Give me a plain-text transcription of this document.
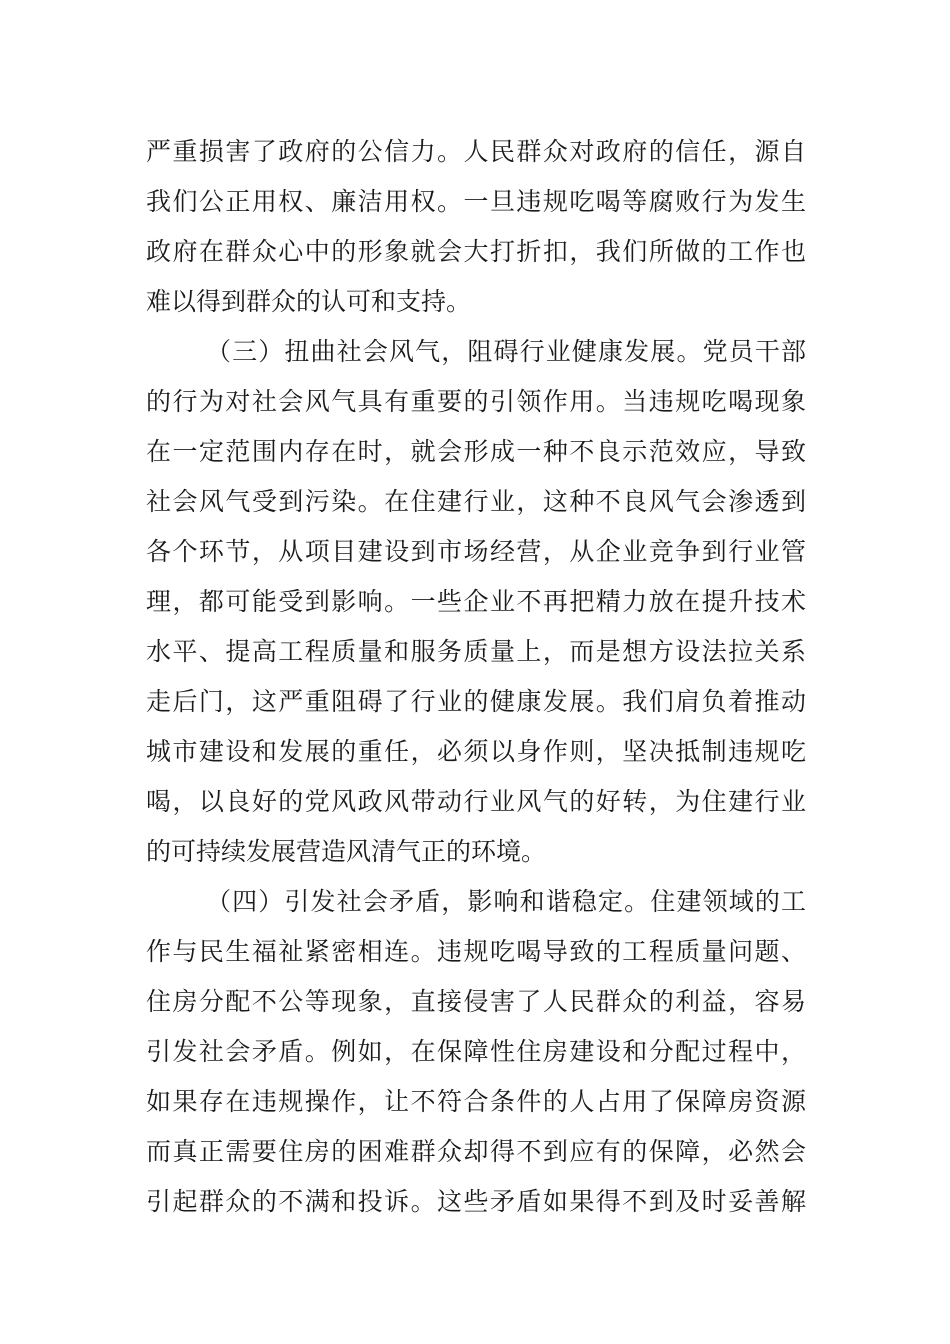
严重损害了政府的公信力。人民群众对政府的信任，源自
我们公正用权、廉洁用权。一旦违规吃喝等腐败行为发生
政府在群众心中的形象就会大打折扣，我们所做的工作也
难以得到群众的认可和支持。
（三）扭曲社会风气，阻碍行业健康发展。党员干部
的行为对社会风气具有重要的引领作用。当违规吃喝现象
在一定范围内存在时，就会形成一种不良示范效应，导致
社会风气受到污染。在住建行业，这种不良风气会渗透到
各个环节，从项目建设到市场经营，从企业竞争到行业管
理，都可能受到影响。一些企业不再把精力放在提升技术
水平、提高工程质量和服务质量上，而是想方设法拉关系
走后门，这严重阻碍了行业的健康发展。我们肩负着推动
城市建设和发展的重任，必须以身作则，坚决抵制违规吃
喝，以良好的党风政风带动行业风气的好转，为住建行业
的可持续发展营造风清气正的环境。
（四）引发社会矛盾，影响和谐稳定。住建领域的工
作与民生福祉紧密相连。违规吃喝导致的工程质量问题、
住房分配不公等现象，直接侵害了人民群众的利益，容易
引发社会矛盾。例如，在保障性住房建设和分配过程中，
如果存在违规操作，让不符合条件的人占用了保障房资源
而真正需要住房的困难群众却得不到应有的保障，必然会
引起群众的不满和投诉。这些矛盾如果得不到及时妥善解
